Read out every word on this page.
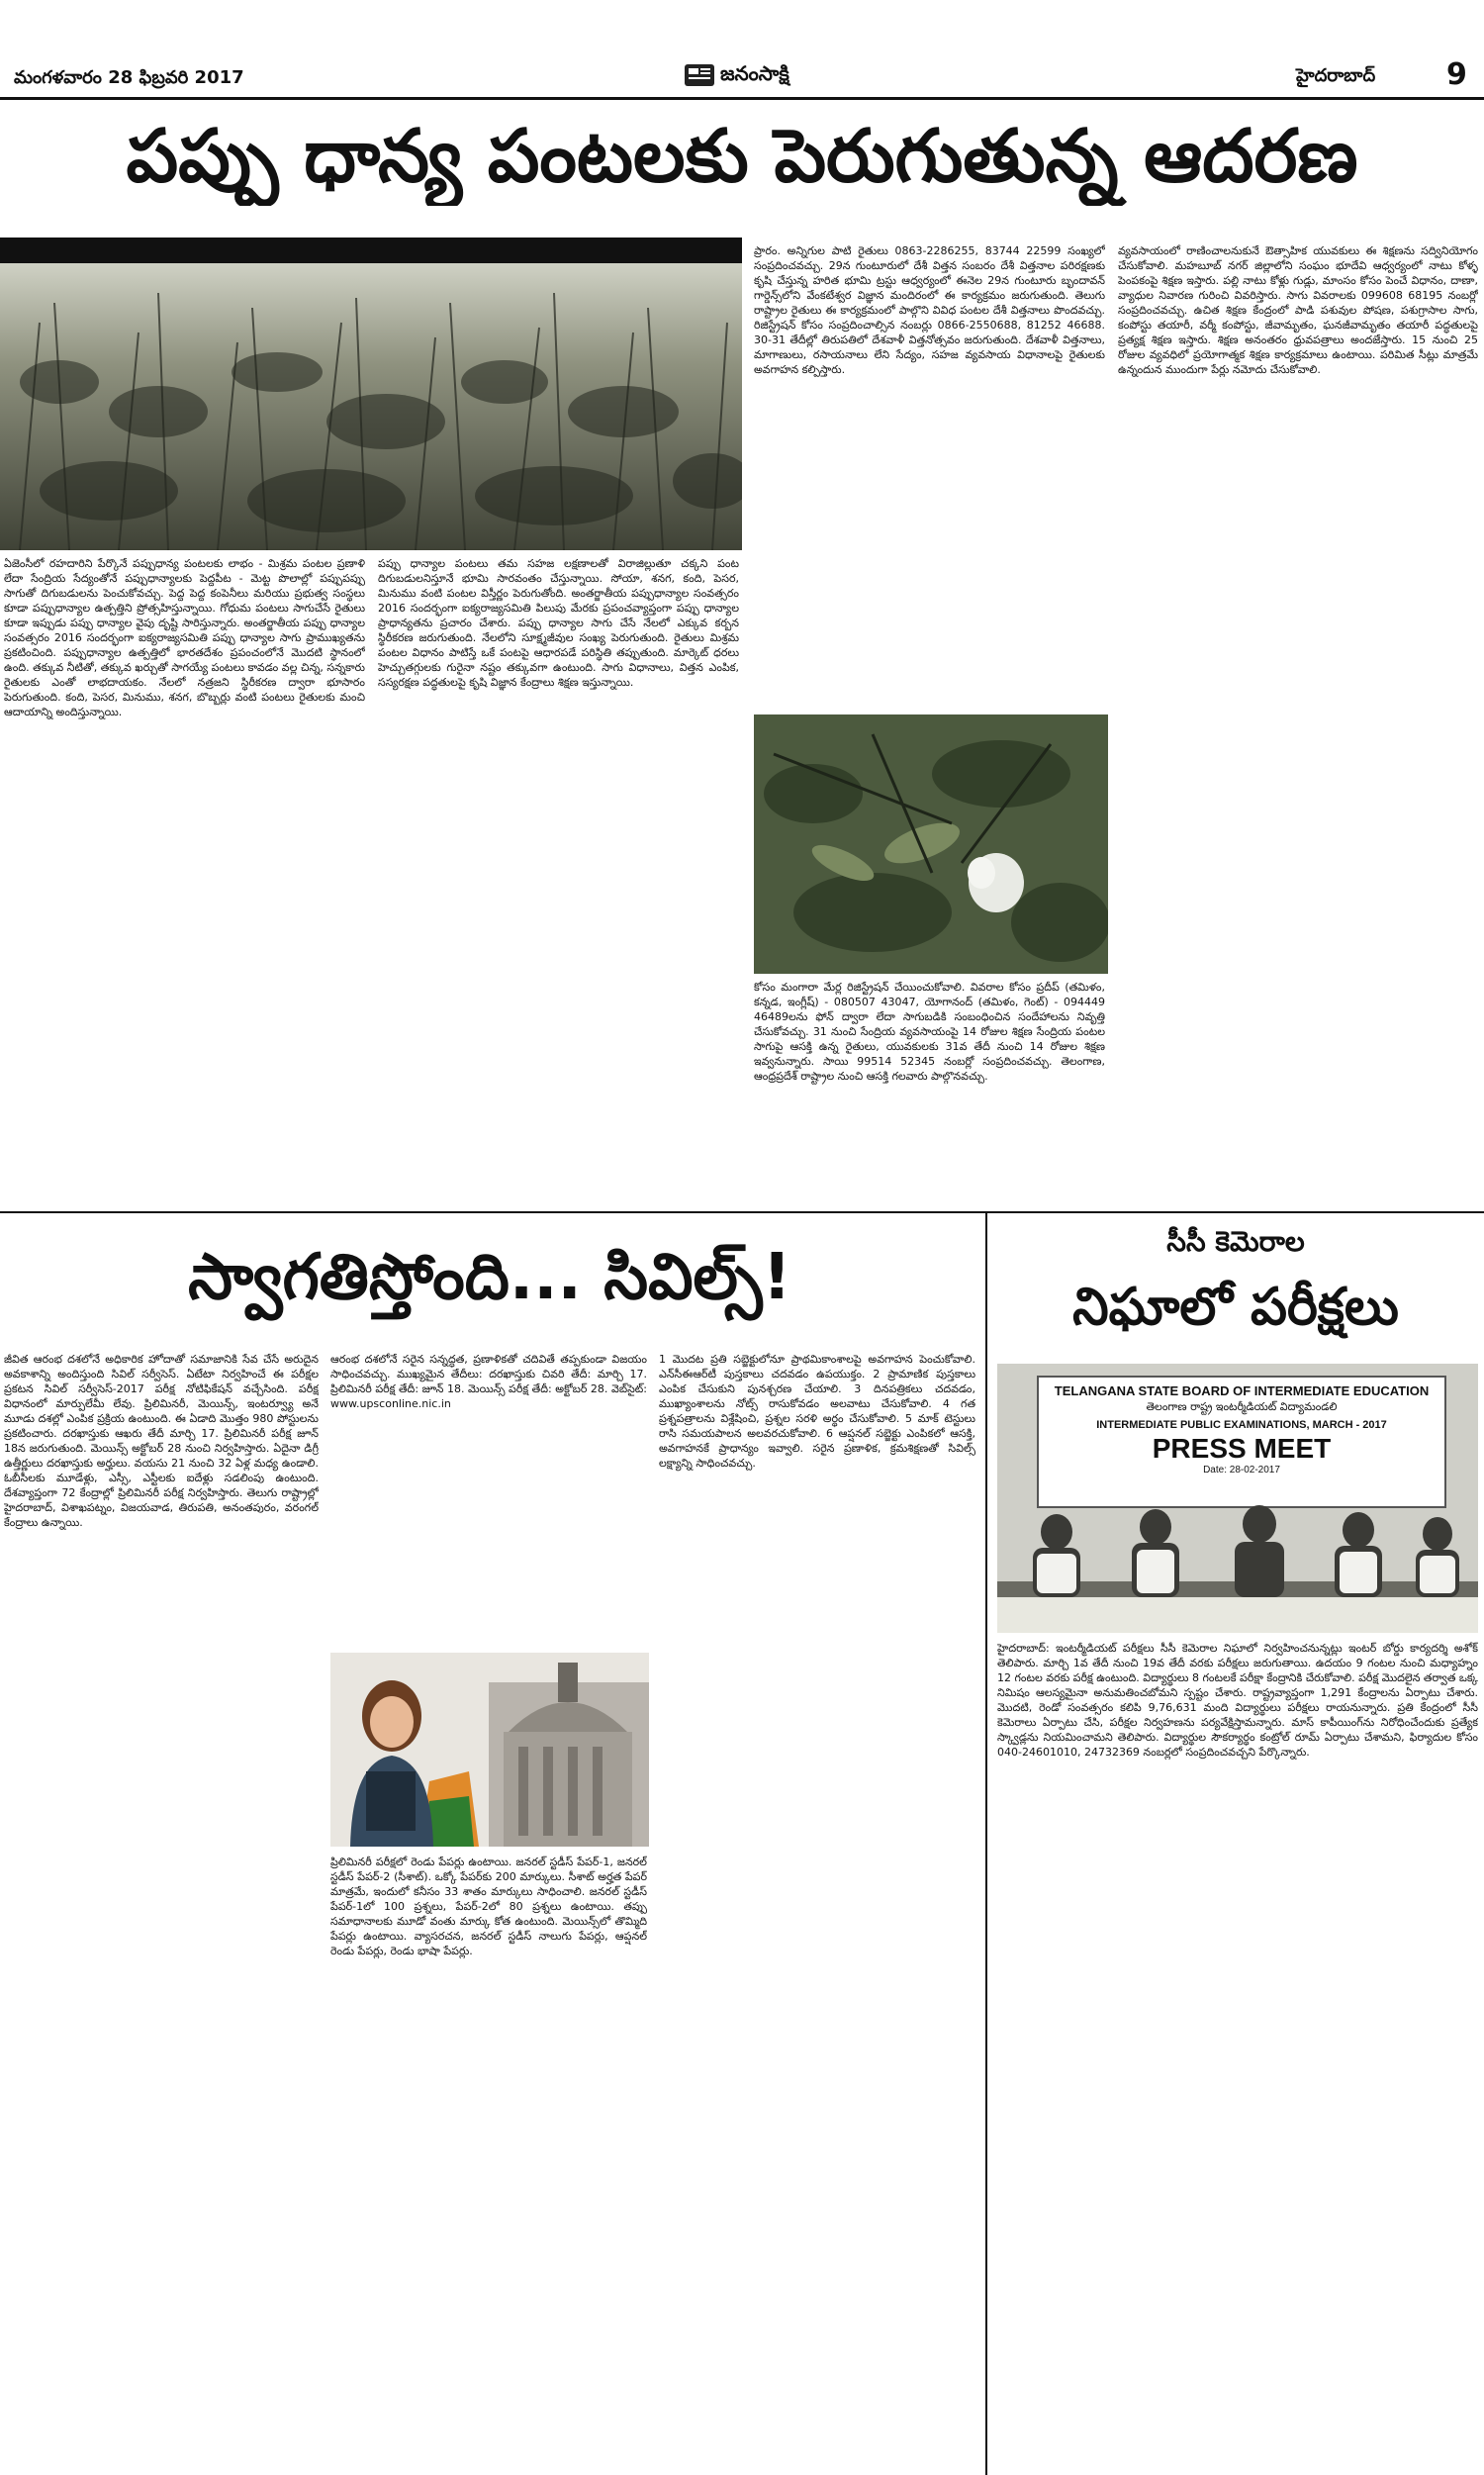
మంగళవారం 28 ఫిబ్రవరి 2017	జనంసాక్షి	హైదరాబాద్ 9
పప్పు ధాన్య పంటలకు పెరుగుతున్న ఆదరణ
ఏజెంసీలో రహదారిని పేర్కొనే పప్పుధాన్య పంటలకు లాభం - మిశ్రమ పంటల ప్రణాళి లేదా సేంద్రియ సేద్యంతోనే పప్పుధాన్యాలకు పెద్దపీట - మెట్ట పొలాల్లో పప్పుపప్పు సాగుతో దిగుబడులను పెంచుకోవచ్చు. పెద్ద పెద్ద కంపెనీలు మరియు ప్రభుత్వ సంస్థలు కూడా పప్పుధాన్యాల ఉత్పత్తిని ప్రోత్సహిస్తున్నాయి. గోధుమ పంటలు సాగుచేసే రైతులు కూడా ఇప్పుడు పప్పు ధాన్యాల వైపు దృష్టి సారిస్తున్నారు. అంతర్జాతీయ పప్పు ధాన్యాల సంవత్సరం 2016 సందర్భంగా ఐక్యరాజ్యసమితి పప్పు ధాన్యాల సాగు ప్రాముఖ్యతను ప్రకటించింది. పప్పుధాన్యాల ఉత్పత్తిలో భారతదేశం ప్రపంచంలోనే మొదటి స్థానంలో ఉంది. తక్కువ నీటితో, తక్కువ ఖర్చుతో సాగయ్యే పంటలు కావడం వల్ల చిన్న, సన్నకారు రైతులకు ఎంతో లాభదాయకం. నేలలో నత్రజని స్థిరీకరణ ద్వారా భూసారం పెరుగుతుంది. కంది, పెసర, మినుము, శనగ, బొబ్బర్లు వంటి పంటలు రైతులకు మంచి ఆదాయాన్ని అందిస్తున్నాయి.
పప్పు ధాన్యాల పంటలు తమ సహజ లక్షణాలతో విరాజిల్లుతూ చక్కని పంట దిగుబడులనిస్తూనే భూమి సారవంతం చేస్తున్నాయి. సోయా, శనగ, కంది, పెసర, మినుము వంటి పంటల విస్తీర్ణం పెరుగుతోంది. అంతర్జాతీయ పప్పుధాన్యాల సంవత్సరం 2016 సందర్భంగా ఐక్యరాజ్యసమితి పిలుపు మేరకు ప్రపంచవ్యాప్తంగా పప్పు ధాన్యాల ప్రాధాన్యతను ప్రచారం చేశారు. పప్పు ధాన్యాల సాగు చేసే నేలలో ఎక్కువ కర్బన స్థిరీకరణ జరుగుతుంది. నేలలోని సూక్ష్మజీవుల సంఖ్య పెరుగుతుంది. రైతులు మిశ్రమ పంటల విధానం పాటిస్తే ఒకే పంటపై ఆధారపడే పరిస్థితి తప్పుతుంది. మార్కెట్ ధరలు హెచ్చుతగ్గులకు గురైనా నష్టం తక్కువగా ఉంటుంది. సాగు విధానాలు, విత్తన ఎంపిక, సస్యరక్షణ పద్ధతులపై కృషి విజ్ఞాన కేంద్రాలు శిక్షణ ఇస్తున్నాయి.
ప్రారం. అన్నిగుల పాటి రైతులు 0863-2286255, 83744 22599 సంఖ్యలో సంప్రదించవచ్చు. 29న గుంటూరులో దేశీ విత్తన సంబరం దేశీ విత్తనాల పరిరక్షణకు కృషి చేస్తున్న హరిత భూమి ట్రస్టు ఆధ్వర్యంలో ఈనెల 29న గుంటూరు బృందావన్ గార్డెన్స్‌లోని వేంకటేశ్వర విజ్ఞాన మందిరంలో ఈ కార్యక్రమం జరుగుతుంది. తెలుగు రాష్ట్రాల రైతులు ఈ కార్యక్రమంలో పాల్గొని వివిధ పంటల దేశీ విత్తనాలు పొందవచ్చు. రిజిస్ట్రేషన్ కోసం సంప్రదించాల్సిన నంబర్లు 0866-2550688, 81252 46688. 30-31 తేదీల్లో తిరుపతిలో దేశవాళీ విత్తనోత్సవం జరుగుతుంది. దేశవాళీ విత్తనాలు, మాగాణులు, రసాయనాలు లేని సేద్యం, సహజ వ్యవసాయ విధానాలపై రైతులకు అవగాహన కల్పిస్తారు.
కోసం మంగారా మేర్ల రిజిస్ట్రేషన్ చేయించుకోవాలి. వివరాల కోసం ప్రదీప్ (తమిళం, కన్నడ, ఇంగ్లీష్) - 080507 43047, యోగానంద్ (తమిళం, గెంట్) - 094449 46489లను ఫోన్ ద్వారా లేదా సాగుబడికి సంబంధించిన సందేహాలను నివృత్తి చేసుకోవచ్చు. 31 నుంచి సేంద్రియ వ్యవసాయంపై 14 రోజుల శిక్షణ సేంద్రియ పంటల సాగుపై ఆసక్తి ఉన్న రైతులు, యువకులకు 31వ తేదీ నుంచి 14 రోజుల శిక్షణ ఇవ్వనున్నారు. సాయి 99514 52345 నంబర్లో సంప్రదించవచ్చు. తెలంగాణ, ఆంధ్రప్రదేశ్ రాష్ట్రాల నుంచి ఆసక్తి గలవారు పాల్గొనవచ్చు.
వ్యవసాయంలో రాణించాలనుకునే ఔత్సాహిక యువకులు ఈ శిక్షణను సద్వినియోగం చేసుకోవాలి. మహబూబ్ నగర్ జిల్లాలోని సంఘం భూదేవి ఆధ్వర్యంలో నాటు కోళ్ళ పెంపకంపై శిక్షణ ఇస్తారు. పల్లి నాటు కోళ్లు గుడ్లు, మాంసం కోసం పెంచే విధానం, దాణా, వ్యాధుల నివారణ గురించి వివరిస్తారు. సాగు వివరాలకు 099608 68195 నంబర్లో సంప్రదించవచ్చు. ఉచిత శిక్షణ కేంద్రంలో పాడి పశువుల పోషణ, పశుగ్రాసాల సాగు, కంపోస్టు తయారీ, వర్మీ కంపోస్టు, జీవామృతం, ఘనజీవామృతం తయారీ పద్ధతులపై ప్రత్యక్ష శిక్షణ ఇస్తారు. శిక్షణ అనంతరం ధ్రువపత్రాలు అందజేస్తారు. 15 నుంచి 25 రోజుల వ్యవధిలో ప్రయోగాత్మక శిక్షణ కార్యక్రమాలు ఉంటాయి. పరిమిత సీట్లు మాత్రమే ఉన్నందున ముందుగా పేర్లు నమోదు చేసుకోవాలి.
స్వాగతిస్తోంది... సివిల్స్!
జీవిత ఆరంభ దశలోనే అధికారిక హోదాతో సమాజానికి సేవ చేసే అరుదైన అవకాశాన్ని అందిస్తుంది సివిల్ సర్వీసెస్. ఏటేటా నిర్వహించే ఈ పరీక్షల ప్రకటన సివిల్ సర్వీసెస్-2017 పరీక్ష నోటిఫికేషన్ వచ్చేసింది. పరీక్ష విధానంలో మార్పులేమీ లేవు. ప్రిలిమినరీ, మెయిన్స్, ఇంటర్వ్యూ అనే మూడు దశల్లో ఎంపిక ప్రక్రియ ఉంటుంది. ఈ ఏడాది మొత్తం 980 పోస్టులను ప్రకటించారు. దరఖాస్తుకు ఆఖరు తేదీ మార్చి 17. ప్రిలిమినరీ పరీక్ష జూన్ 18న జరుగుతుంది. మెయిన్స్ అక్టోబర్ 28 నుంచి నిర్వహిస్తారు. ఏదైనా డిగ్రీ ఉత్తీర్ణులు దరఖాస్తుకు అర్హులు. వయసు 21 నుంచి 32 ఏళ్ల మధ్య ఉండాలి. ఓబీసీలకు మూడేళ్లు, ఎస్సీ, ఎస్టీలకు ఐదేళ్లు సడలింపు ఉంటుంది. దేశవ్యాప్తంగా 72 కేంద్రాల్లో ప్రిలిమినరీ పరీక్ష నిర్వహిస్తారు. తెలుగు రాష్ట్రాల్లో హైదరాబాద్, విశాఖపట్నం, విజయవాడ, తిరుపతి, అనంతపురం, వరంగల్ కేంద్రాలు ఉన్నాయి.
ఆరంభ దశలోనే సరైన సన్నద్ధత, ప్రణాళికతో చదివితే తప్పకుండా విజయం సాధించవచ్చు. ముఖ్యమైన తేదీలు: దరఖాస్తుకు చివరి తేదీ: మార్చి 17. ప్రిలిమినరీ పరీక్ష తేదీ: జూన్ 18. మెయిన్స్ పరీక్ష తేదీ: అక్టోబర్ 28. వెబ్‌సైట్: www.upsconline.nic.in
ప్రిలిమినరీ పరీక్షలో రెండు పేపర్లు ఉంటాయి. జనరల్ స్టడీస్ పేపర్-1, జనరల్ స్టడీస్ పేపర్-2 (సీశాట్). ఒక్కో పేపర్‌కు 200 మార్కులు. సీశాట్ అర్హత పేపర్ మాత్రమే, ఇందులో కనీసం 33 శాతం మార్కులు సాధించాలి. జనరల్ స్టడీస్ పేపర్-1లో 100 ప్రశ్నలు, పేపర్-2లో 80 ప్రశ్నలు ఉంటాయి. తప్పు సమాధానాలకు మూడో వంతు మార్కు కోత ఉంటుంది. మెయిన్స్‌లో తొమ్మిది పేపర్లు ఉంటాయి. వ్యాసరచన, జనరల్ స్టడీస్ నాలుగు పేపర్లు, ఆప్షనల్ రెండు పేపర్లు, రెండు భాషా పేపర్లు.
1 మొదట ప్రతి సబ్జెక్టులోనూ ప్రాథమికాంశాలపై అవగాహన పెంచుకోవాలి. ఎన్‌సీఈఆర్‌టీ పుస్తకాలు చదవడం ఉపయుక్తం. 2 ప్రామాణిక పుస్తకాలు ఎంపిక చేసుకుని పునశ్చరణ చేయాలి. 3 దినపత్రికలు చదవడం, ముఖ్యాంశాలను నోట్స్ రాసుకోవడం అలవాటు చేసుకోవాలి. 4 గత ప్రశ్నపత్రాలను విశ్లేషించి, ప్రశ్నల సరళి అర్థం చేసుకోవాలి. 5 మాక్ టెస్టులు రాసి సమయపాలన అలవరచుకోవాలి. 6 ఆప్షనల్ సబ్జెక్టు ఎంపికలో ఆసక్తి, అవగాహనకే ప్రాధాన్యం ఇవ్వాలి. సరైన ప్రణాళిక, క్రమశిక్షణతో సివిల్స్ లక్ష్యాన్ని సాధించవచ్చు.
సీసీ కెమెరాల
నిఘాలో పరీక్షలు
TELANGANA STATE BOARD OF INTERMEDIATE EDUCATION
తెలంగాణ రాష్ట్ర ఇంటర్మీడియట్ విద్యామండలి
INTERMEDIATE PUBLIC EXAMINATIONS, MARCH - 2017
PRESS MEET
Date: 28-02-2017
హైదరాబాద్: ఇంటర్మీడియట్ పరీక్షలు సీసీ కెమెరాల నిఘాలో నిర్వహించనున్నట్లు ఇంటర్ బోర్డు కార్యదర్శి అశోక్ తెలిపారు. మార్చి 1వ తేదీ నుంచి 19వ తేదీ వరకు పరీక్షలు జరుగుతాయి. ఉదయం 9 గంటల నుంచి మధ్యాహ్నం 12 గంటల వరకు పరీక్ష ఉంటుంది. విద్యార్థులు 8 గంటలకే పరీక్షా కేంద్రానికి చేరుకోవాలి. పరీక్ష మొదలైన తర్వాత ఒక్క నిమిషం ఆలస్యమైనా అనుమతించబోమని స్పష్టం చేశారు. రాష్ట్రవ్యాప్తంగా 1,291 కేంద్రాలను ఏర్పాటు చేశారు. మొదటి, రెండో సంవత్సరం కలిపి 9,76,631 మంది విద్యార్థులు పరీక్షలు రాయనున్నారు. ప్రతి కేంద్రంలో సీసీ కెమెరాలు ఏర్పాటు చేసి, పరీక్షల నిర్వహణను పర్యవేక్షిస్తామన్నారు. మాస్ కాపీయింగ్‌ను నిరోధించేందుకు ప్రత్యేక స్క్వాడ్లను నియమించామని తెలిపారు. విద్యార్థుల సౌకర్యార్థం కంట్రోల్ రూమ్ ఏర్పాటు చేశామని, ఫిర్యాదుల కోసం 040-24601010, 24732369 నంబర్లలో సంప్రదించవచ్చని పేర్కొన్నారు.
